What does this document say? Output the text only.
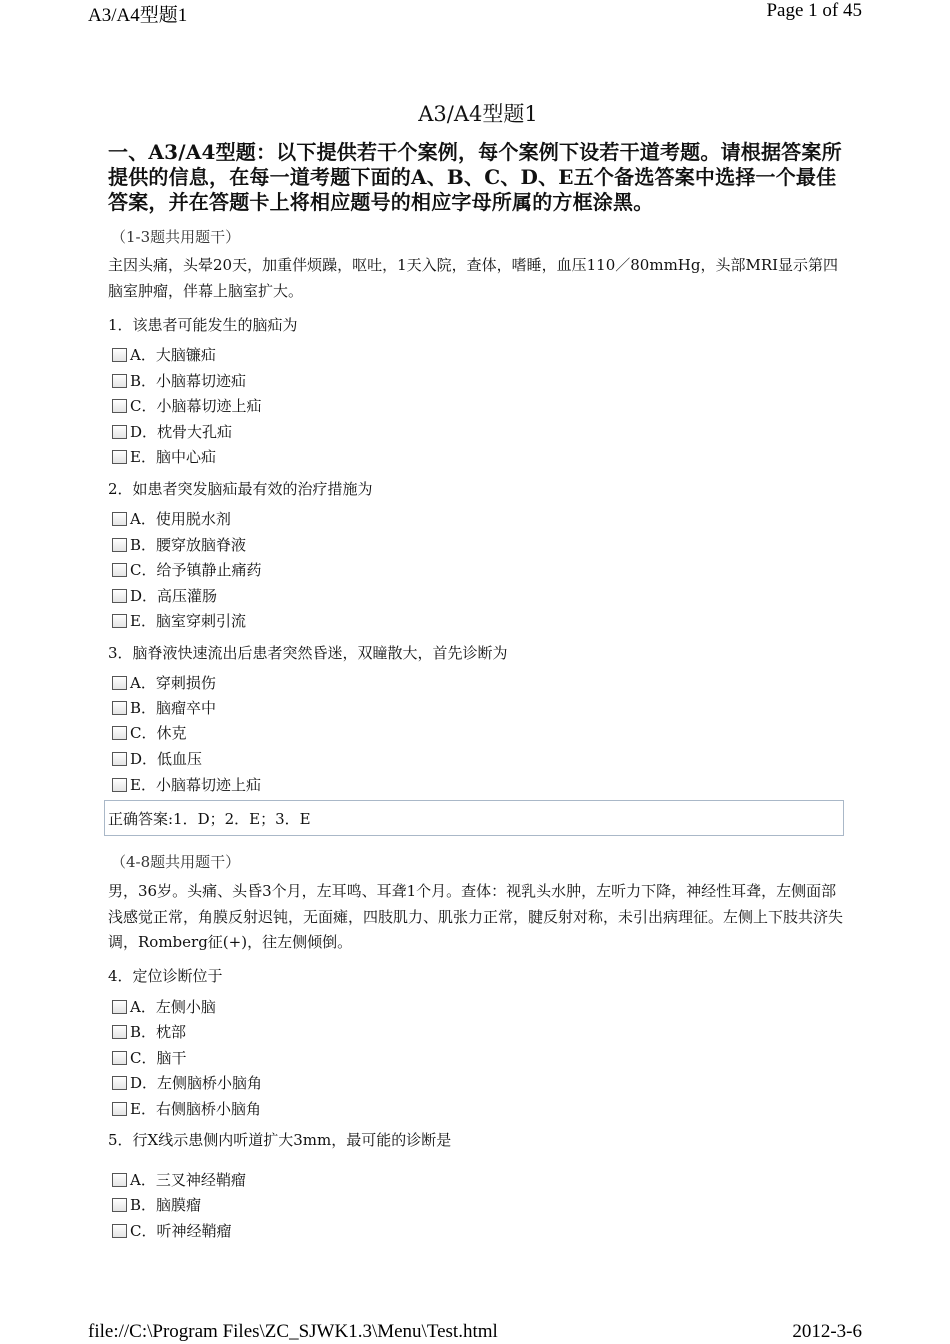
A3/A4型题1	Page 1 of 45
A3/A4型题1
一、A3/A4型题：以下提供若干个案例，每个案例下设若干道考题。请根据答案所提供的信息，在每一道考题下面的A、B、C、D、E五个备选答案中选择一个最佳答案，并在答题卡上将相应题号的相应字母所属的方框涂黑。
（1-3题共用题干）
主因头痛，头晕20天，加重伴烦躁，呕吐，1天入院，查体，嗜睡，血压110／80mmHg，头部MRI显示第四脑室肿瘤，伴幕上脑室扩大。
1．该患者可能发生的脑疝为
A．大脑镰疝
B．小脑幕切迹疝
C．小脑幕切迹上疝
D．枕骨大孔疝
E．脑中心疝
2．如患者突发脑疝最有效的治疗措施为
A．使用脱水剂
B．腰穿放脑脊液
C．给予镇静止痛药
D．高压灌肠
E．脑室穿刺引流
3．脑脊液快速流出后患者突然昏迷，双瞳散大，首先诊断为
A．穿刺损伤
B．脑瘤卒中
C．休克
D．低血压
E．小脑幕切迹上疝
正确答案:1．D；2．E；3．E
（4-8题共用题干）
男，36岁。头痛、头昏3个月，左耳鸣、耳聋1个月。查体：视乳头水肿，左听力下降，神经性耳聋，左侧面部浅感觉正常，角膜反射迟钝，无面瘫，四肢肌力、肌张力正常，腱反射对称，未引出病理征。左侧上下肢共济失调，Romberg征(+)，往左侧倾倒。
4．定位诊断位于
A．左侧小脑
B．枕部
C．脑干
D．左侧脑桥小脑角
E．右侧脑桥小脑角
5．行X线示患侧内听道扩大3mm，最可能的诊断是
A．三叉神经鞘瘤
B．脑膜瘤
C．听神经鞘瘤
file://C:\Program Files\ZC_SJWK1.3\Menu\Test.html	2012-3-6
